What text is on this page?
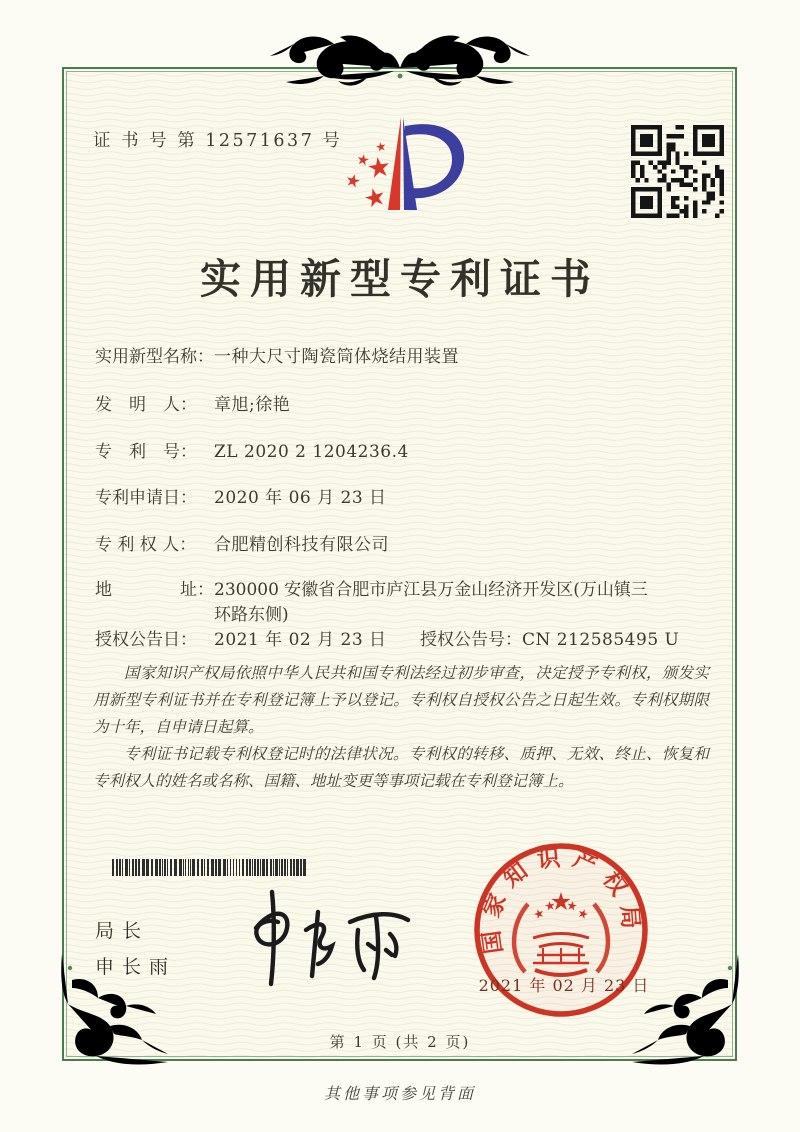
证 书 号 第 12571637 号
实用新型专利证书
实用新型名称：一种大尺寸陶瓷筒体烧结用装置
发　明　人： 章旭;徐艳
专　利　号： ZL 2020 2 1204236.4
专利申请日： 2020 年 06 月 23 日
专 利 权 人： 合肥精创科技有限公司
地　　　　址：230000 安徽省合肥市庐江县万金山经济开发区(万山镇三环路东侧)
授权公告日： 2021 年 02 月 23 日 授权公告号：CN 212585495 U

国家知识产权局依照中华人民共和国专利法经过初步审查，决定授予专利权，颁发实用新型专利证书并在专利登记簿上予以登记。专利权自授权公告之日起生效。专利权期限为十年，自申请日起算。

专利证书记载专利权登记时的法律状况。专利权的转移、质押、无效、终止、恢复和专利权人的姓名或名称、国籍、地址变更等事项记载在专利登记簿上。

局长
申长雨
国家知识产权局
2021 年 02 月 23 日
第 1 页 (共 2 页)
其他事项参见背面
